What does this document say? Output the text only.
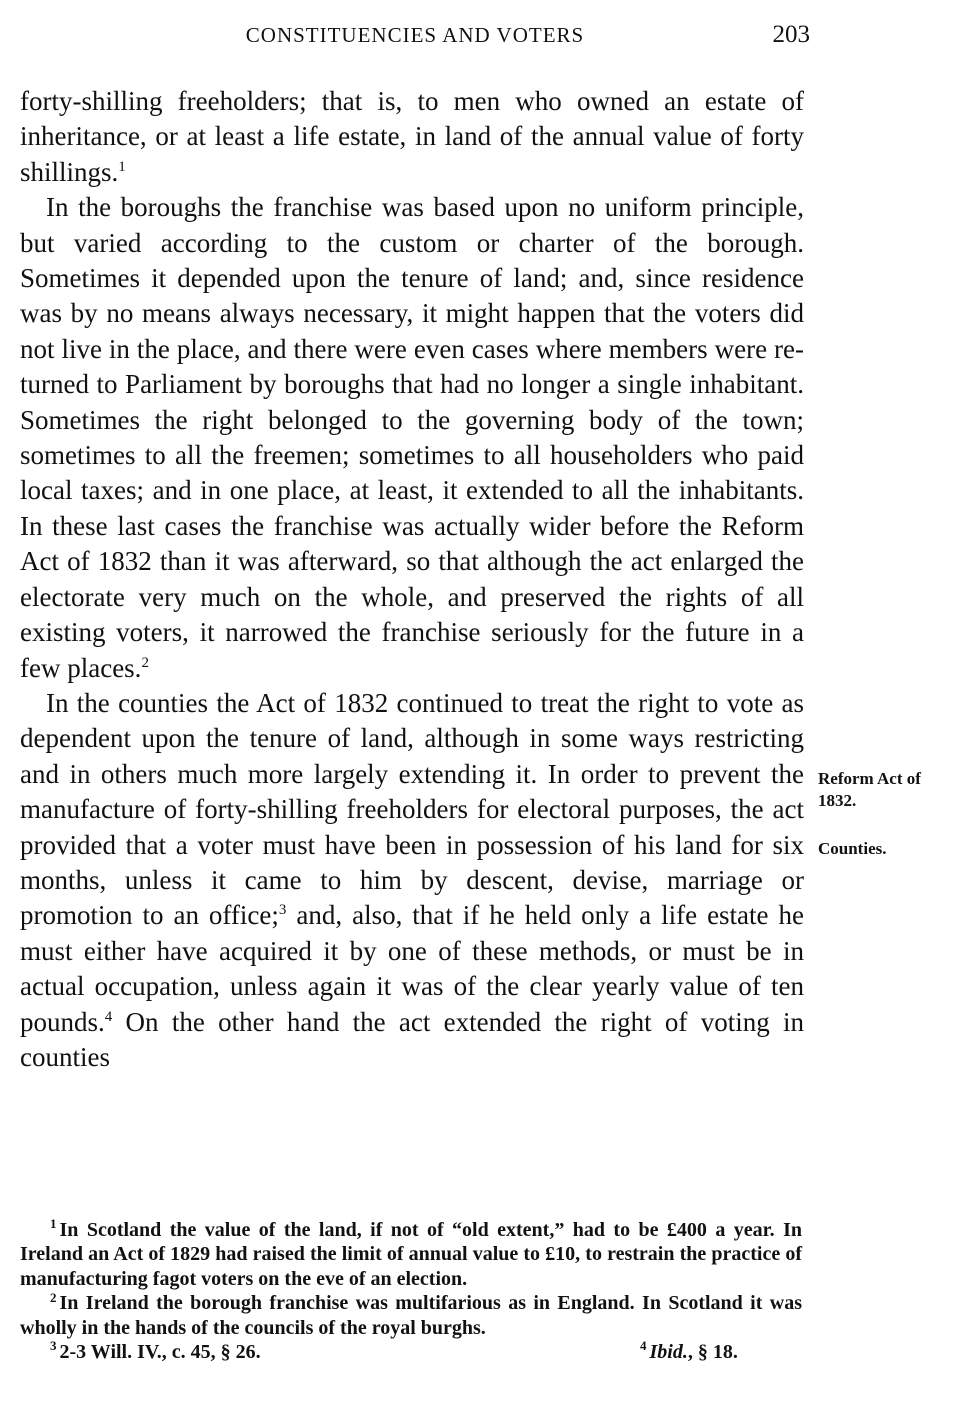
CONSTITUENCIES AND VOTERS	203

forty-shilling freeholders; that is, to men who owned an estate of inheritance, or at least a life estate, in land of the annual value of forty shillings.$^1$

In the boroughs the franchise was based upon no uniform principle, but varied according to the custom or charter of the borough. Sometimes it depended upon the tenure of land; and, since residence was by no means always necessary, it might happen that the voters did not live in the place, and there were even cases where members were returned to Parliament by boroughs that had no longer a single inhabitant. Sometimes the right belonged to the governing body of the town; sometimes to all the freemen; sometimes to all householders who paid local taxes; and in one place, at least, it extended to all the inhabitants. In these last cases the franchise was actually wider before the Reform Act of 1832 than it was afterward, so that although the act enlarged the electorate very much on the whole, and preserved the rights of all existing voters, it narrowed the franchise seriously for the future in a few places.$^2$

In the counties the Act of 1832 continued to treat the right to vote as dependent upon the tenure of land, although in some ways restricting and in others much more largely extending it. In order to prevent the manufacture of forty-shilling freeholders for electoral purposes, the act provided that a voter must have been in possession of his land for six months, unless it came to him by descent, devise, marriage or promotion to an office;$^3$ and, also, that if he held only a life estate he must either have acquired it by one of these methods, or must be in actual occupation, unless again it was of the clear yearly value of ten pounds.$^4$ On the other hand the act extended the right of voting in counties

Reform Act of 1832.
Counties.

$^1$ In Scotland the value of the land, if not of “old extent,” had to be £400 a year. In Ireland an Act of 1829 had raised the limit of annual value to £10, to restrain the practice of manufacturing fagot voters on the eve of an election.

$^2$ In Ireland the borough franchise was multifarious as in England. In Scotland it was wholly in the hands of the councils of the royal burghs.

$^3$ 2-3 Will. IV., c. 45, § 26.	$^4$ Ibid., § 18.
